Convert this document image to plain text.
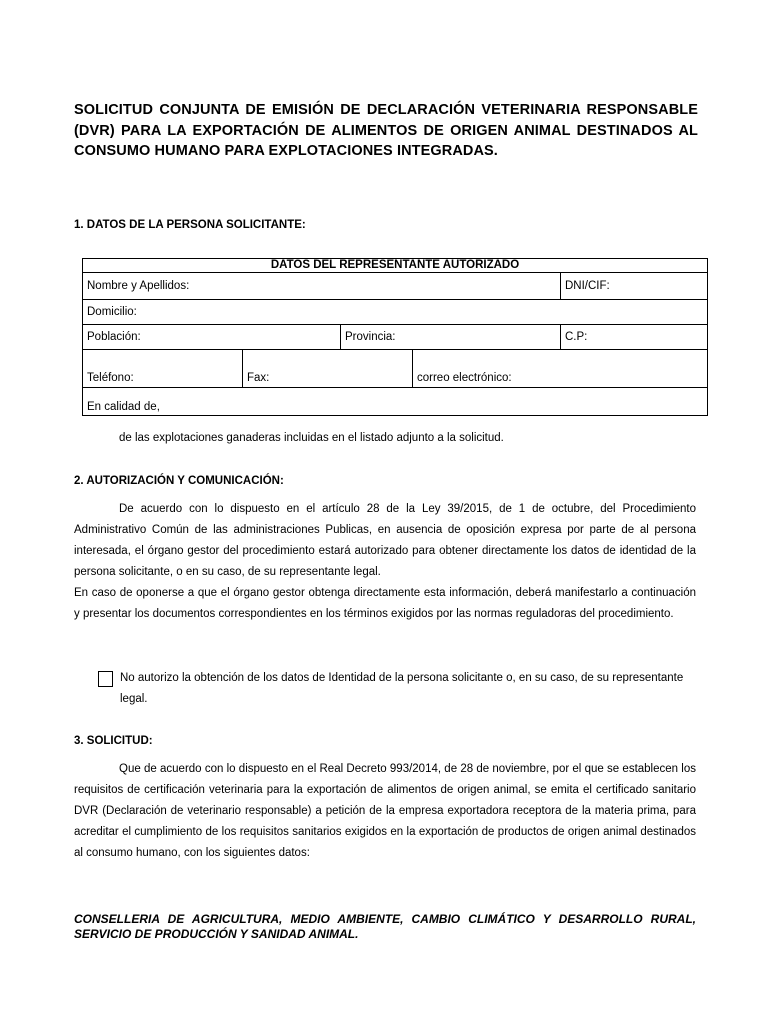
SOLICITUD CONJUNTA DE EMISIÓN DE DECLARACIÓN VETERINARIA RESPONSABLE (DVR) PARA LA EXPORTACIÓN DE ALIMENTOS DE ORIGEN ANIMAL DESTINADOS AL CONSUMO HUMANO PARA EXPLOTACIONES INTEGRADAS.
1. DATOS DE LA PERSONA SOLICITANTE:
DATOS DEL REPRESENTANTE AUTORIZADO				
Nombre y Apellidos:				DNI/CIF:
Domicilio:				
Población:		Provincia:		C.P:
Teléfono:	Fax:		correo electrónico:	
En calidad de,				
de las explotaciones ganaderas incluidas en el listado adjunto a la solicitud.
2. AUTORIZACIÓN Y COMUNICACIÓN:

De acuerdo con lo dispuesto en el artículo 28 de la Ley 39/2015, de 1 de octubre, del Procedimiento Administrativo Común de las administraciones Publicas, en ausencia de oposición expresa por parte de al persona interesada, el órgano gestor del procedimiento estará autorizado para obtener directamente los datos de identidad de la persona solicitante, o en su caso, de su representante legal.

En caso de oponerse a que el órgano gestor obtenga directamente esta información, deberá manifestarlo a continuación y presentar los documentos correspondientes en los términos exigidos por las normas reguladoras del procedimiento.

No autorizo la obtención de los datos de Identidad de la persona solicitante o, en su caso, de su representante legal.
3. SOLICITUD:

Que de acuerdo con lo dispuesto en el Real Decreto 993/2014, de 28 de noviembre, por el que se establecen los requisitos de certificación veterinaria para la exportación de alimentos de origen animal, se emita el certificado sanitario DVR (Declaración de veterinario responsable) a petición de la empresa exportadora receptora de la materia prima, para acreditar el cumplimiento de los requisitos sanitarios exigidos en la exportación de productos de origen animal destinados al consumo humano, con los siguientes datos:

CONSELLERIA DE AGRICULTURA, MEDIO AMBIENTE, CAMBIO CLIMÁTICO Y DESARROLLO RURAL, SERVICIO DE PRODUCCIÓN Y SANIDAD ANIMAL.
